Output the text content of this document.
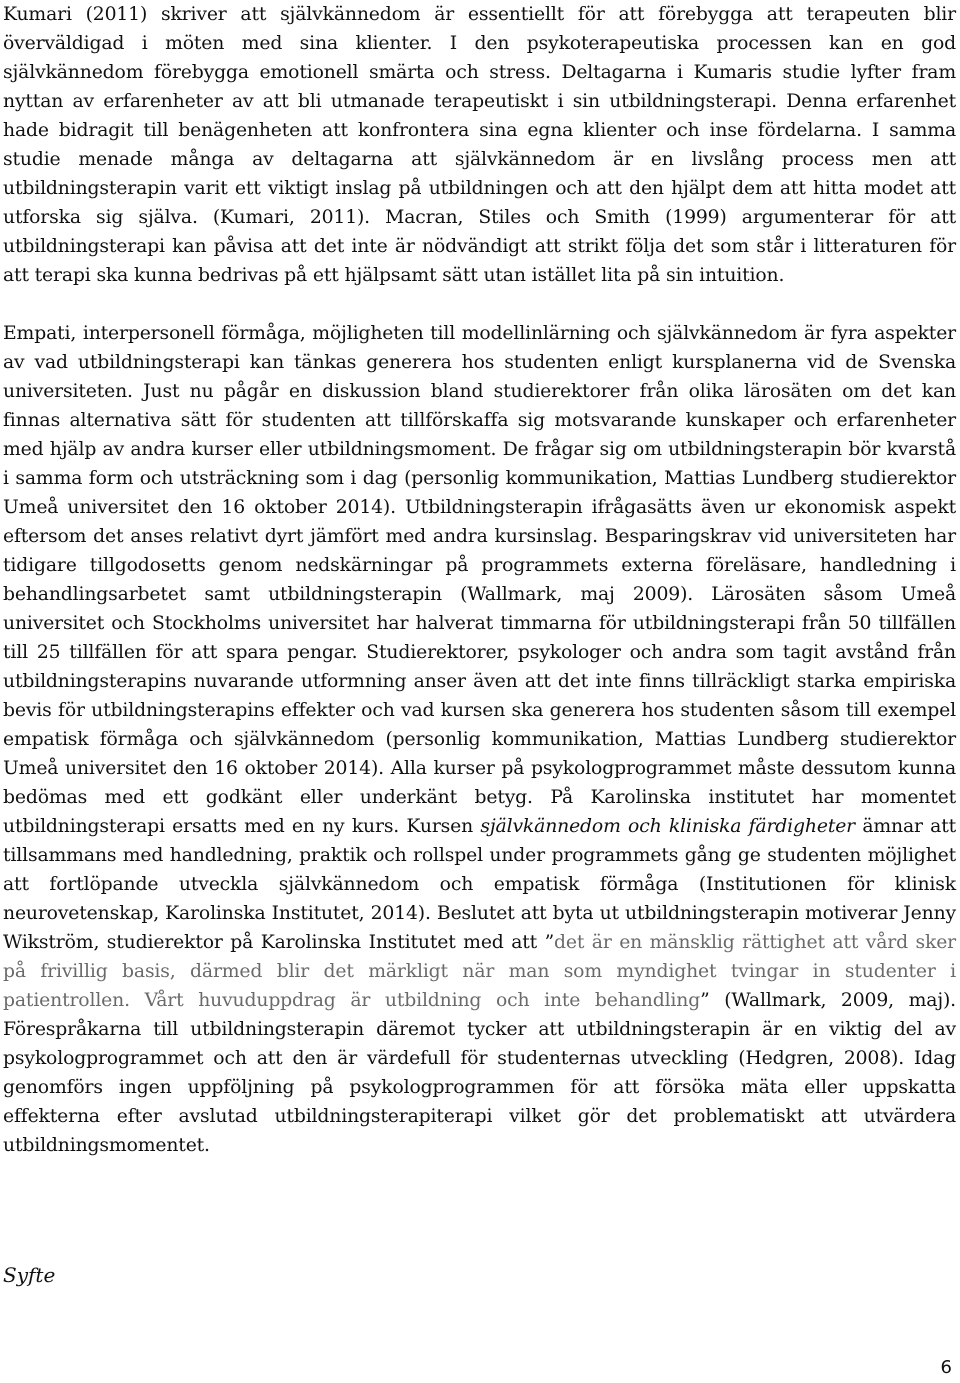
Kumari (2011) skriver att självkännedom är essentiellt för att förebygga att terapeuten blir överväldigad i möten med sina klienter. I den psykoterapeutiska processen kan en god självkännedom förebygga emotionell smärta och stress. Deltagarna i Kumaris studie lyfter fram nyttan av erfarenheter av att bli utmanade terapeutiskt i sin utbildningsterapi. Denna erfarenhet hade bidragit till benägenheten att konfrontera sina egna klienter och inse fördelarna. I samma studie menade många av deltagarna att självkännedom är en livslång process men att utbildningsterapin varit ett viktigt inslag på utbildningen och att den hjälpt dem att hitta modet att utforska sig själva. (Kumari, 2011). Macran, Stiles och Smith (1999) argumenterar för att utbildningsterapi kan påvisa att det inte är nödvändigt att strikt följa det som står i litteraturen för att terapi ska kunna bedrivas på ett hjälpsamt sätt utan istället lita på sin intuition.

Empati, interpersonell förmåga, möjligheten till modellinlärning och självkännedom är fyra aspekter av vad utbildningsterapi kan tänkas generera hos studenten enligt kursplanerna vid de Svenska universiteten. Just nu pågår en diskussion bland studierektorer från olika lärosäten om det kan finnas alternativa sätt för studenten att tillförskaffa sig motsvarande kunskaper och erfarenheter med hjälp av andra kurser eller utbildningsmoment. De frågar sig om utbildningsterapin bör kvarstå i samma form och utsträckning som i dag (personlig kommunikation, Mattias Lundberg studierektor Umeå universitet den 16 oktober 2014). Utbildningsterapin ifrågasätts även ur ekonomisk aspekt eftersom det anses relativt dyrt jämfört med andra kursinslag. Besparingskrav vid universiteten har tidigare tillgodosetts genom nedskärningar på programmets externa föreläsare, handledning i behandlingsarbetet samt utbildningsterapin (Wallmark, maj 2009). Lärosäten såsom Umeå universitet och Stockholms universitet har halverat timmarna för utbildningsterapi från 50 tillfällen till 25 tillfällen för att spara pengar. Studierektorer, psykologer och andra som tagit avstånd från utbildningsterapins nuvarande utformning anser även att det inte finns tillräckligt starka empiriska bevis för utbildningsterapins effekter och vad kursen ska generera hos studenten såsom till exempel empatisk förmåga och självkännedom (personlig kommunikation, Mattias Lundberg studierektor Umeå universitet den 16 oktober 2014). Alla kurser på psykologprogrammet måste dessutom kunna bedömas med ett godkänt eller underkänt betyg. På Karolinska institutet har momentet utbildningsterapi ersatts med en ny kurs. Kursen självkännedom och kliniska färdigheter ämnar att tillsammans med handledning, praktik och rollspel under programmets gång ge studenten möjlighet att fortlöpande utveckla självkännedom och empatisk förmåga (Institutionen för klinisk neurovetenskap, Karolinska Institutet, 2014). Beslutet att byta ut utbildningsterapin motiverar Jenny Wikström, studierektor på Karolinska Institutet med att ”det är en mänsklig rättighet att vård sker på frivillig basis, därmed blir det märkligt när man som myndighet tvingar in studenter i patientrollen. Vårt huvuduppdrag är utbildning och inte behandling” (Wallmark, 2009, maj). Förespråkarna till utbildningsterapin däremot tycker att utbildningsterapin är en viktig del av psykologprogrammet och att den är värdefull för studenternas utveckling (Hedgren, 2008). Idag genomförs ingen uppföljning på psykologprogrammen för att försöka mäta eller uppskatta effekterna efter avslutad utbildningsterapiterapi vilket gör det problematiskt att utvärdera utbildningsmomentet.

Syfte
6
